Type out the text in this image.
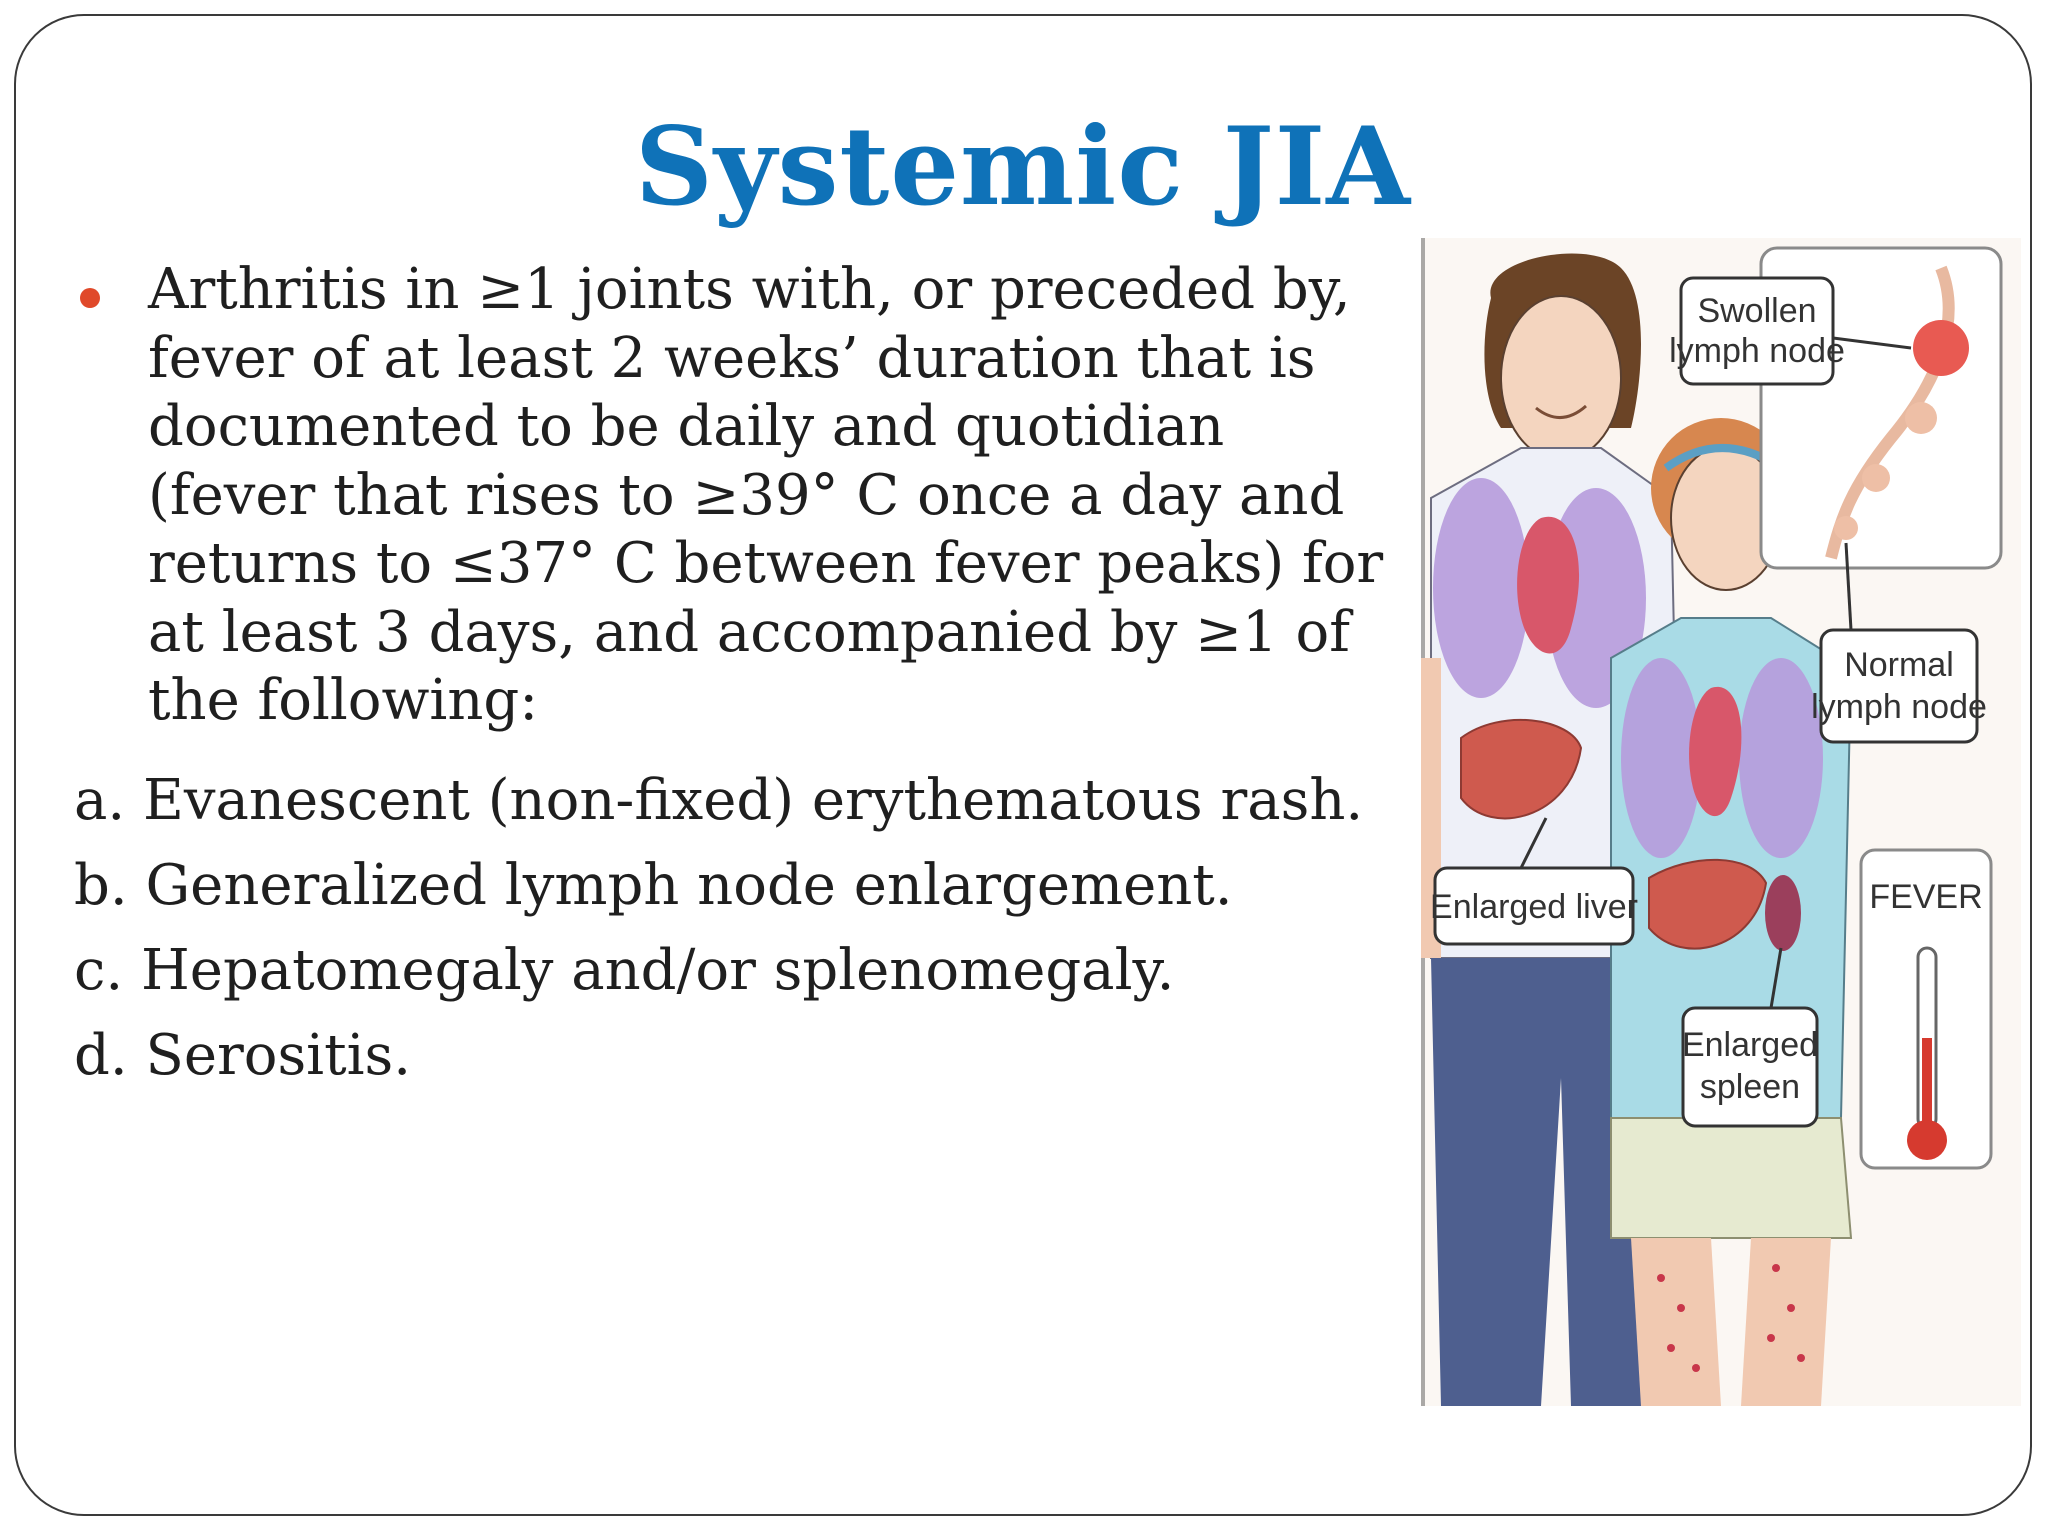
Systemic JIA
Arthritis in ≥1 joints with, or preceded by, fever of at least 2 weeks’ duration that is documented to be daily and quotidian (fever that rises to ≥39° C once a day and returns to ≤37° C between fever peaks) for at least 3 days, and accompanied by ≥1 of the following:
a. Evanescent (non-fixed) erythematous rash.
b. Generalized lymph node enlargement.
c. Hepatomegaly and/or splenomegaly.
d. Serositis.
Swollen
lymph node
Normal
lymph node
Enlarged liver
Enlarged
spleen
FEVER
